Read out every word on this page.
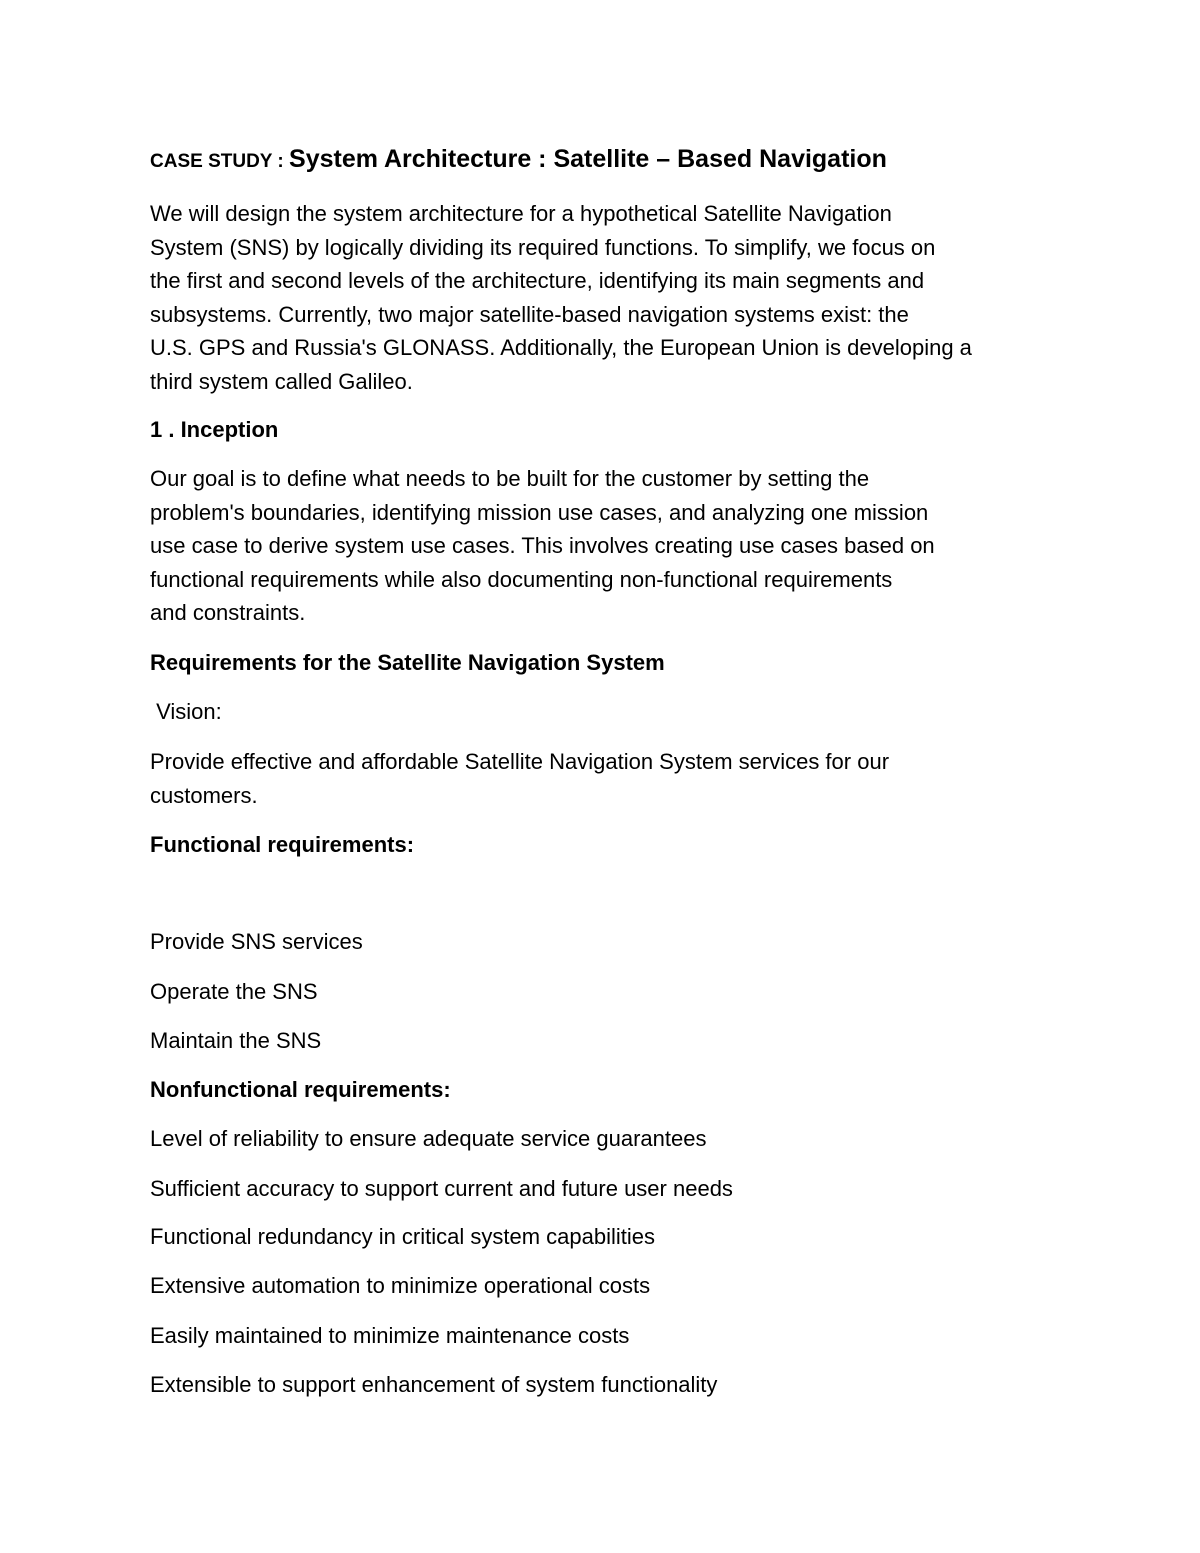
CASE STUDY : System Architecture : Satellite – Based Navigation

We will design the system architecture for a hypothetical Satellite Navigation
System (SNS) by logically dividing its required functions. To simplify, we focus on
the first and second levels of the architecture, identifying its main segments and
subsystems. Currently, two major satellite-based navigation systems exist: the
U.S. GPS and Russia's GLONASS. Additionally, the European Union is developing a
third system called Galileo.

1 . Inception

Our goal is to define what needs to be built for the customer by setting the
problem's boundaries, identifying mission use cases, and analyzing one mission
use case to derive system use cases. This involves creating use cases based on
functional requirements while also documenting non-functional requirements
and constraints.

Requirements for the Satellite Navigation System

Vision:

Provide effective and affordable Satellite Navigation System services for our
customers.

Functional requirements:

Provide SNS services

Operate the SNS

Maintain the SNS

Nonfunctional requirements:

Level of reliability to ensure adequate service guarantees

Sufficient accuracy to support current and future user needs

Functional redundancy in critical system capabilities

Extensive automation to minimize operational costs

Easily maintained to minimize maintenance costs

Extensible to support enhancement of system functionality
